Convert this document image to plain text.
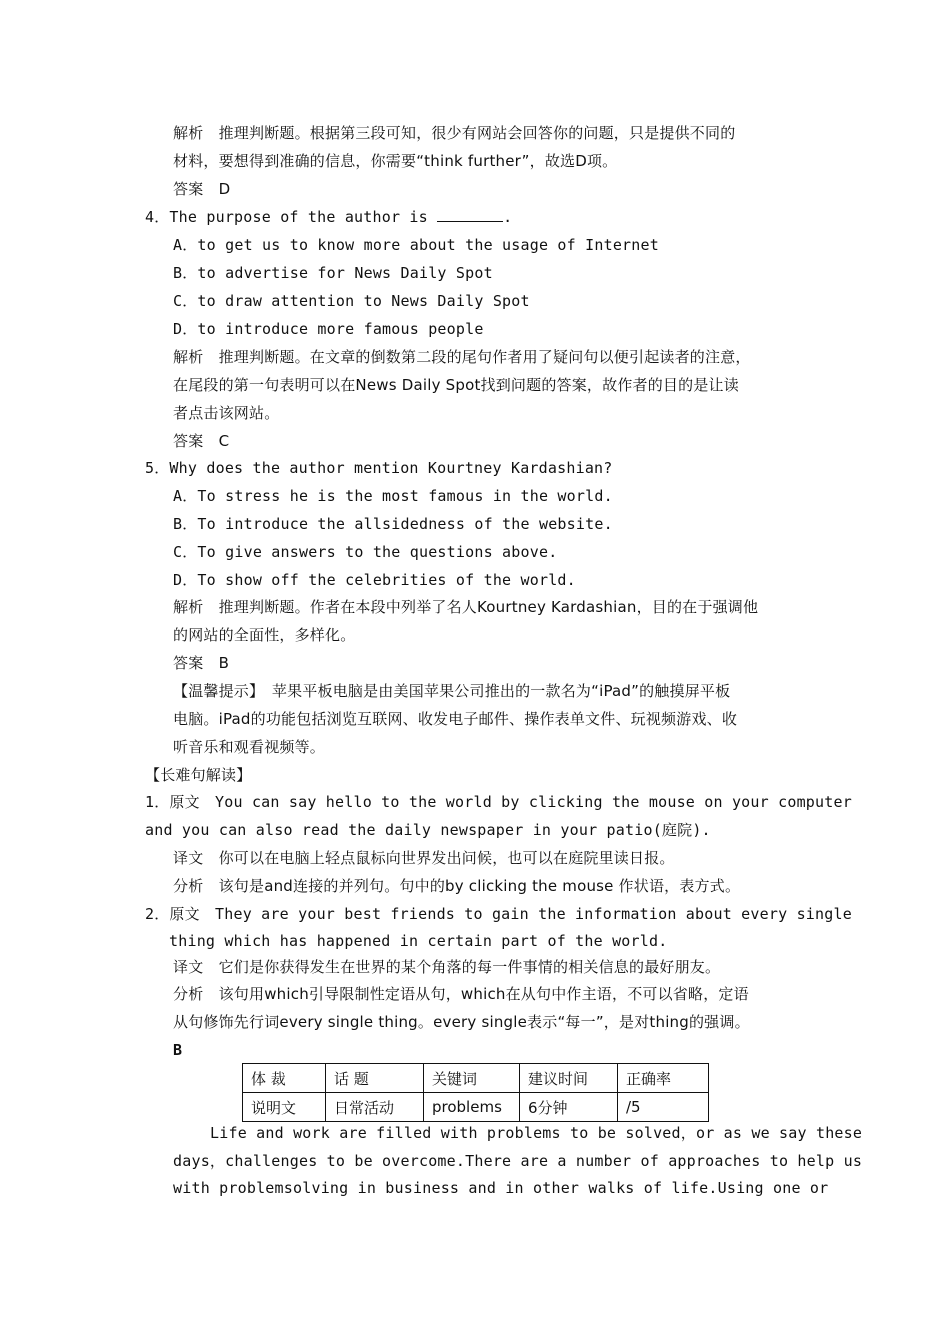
解析　推理判断题。根据第三段可知，很少有网站会回答你的问题，只是提供不同的
材料，要想得到准确的信息，你需要“think further”，故选D项。
答案　D
4．The purpose of the author is	.
A．to get us to know more about the usage of Internet
B．to advertise for News Daily Spot
C．to draw attention to News Daily Spot
D．to introduce more famous people
解析　推理判断题。在文章的倒数第二段的尾句作者用了疑问句以便引起读者的注意，
在尾段的第一句表明可以在News Daily Spot找到问题的答案，故作者的目的是让读
者点击该网站。
答案　C
5．Why does the author mention Kourtney Kardashian?
A．To stress he is the most famous in the world.
B．To introduce the allsidedness of the website.
C．To give answers to the questions above.
D．To show off the celebrities of the world.
解析　推理判断题。作者在本段中列举了名人Kourtney Kardashian，目的在于强调他
的网站的全面性，多样化。
答案　B
【温馨提示】　苹果平板电脑是由美国苹果公司推出的一款名为“iPad”的触摸屏平板
电脑。iPad的功能包括浏览互联网、收发电子邮件、操作表单文件、玩视频游戏、收
听音乐和观看视频等。
【长难句解读】
1．原文　You can say hello to the world by clicking the mouse on your computer
and you can also read the daily newspaper in your patio(庭院).
译文　你可以在电脑上轻点鼠标向世界发出问候，也可以在庭院里读日报。
分析　该句是and连接的并列句。句中的by clicking the mouse 作状语，表方式。
2．原文　They are your best friends to gain the information about every single
thing which has happened in certain part of the world.
译文　它们是你获得发生在世界的某个角落的每一件事情的相关信息的最好朋友。
分析　该句用which引导限制性定语从句，which在从句中作主语，不可以省略，定语
从句修饰先行词every single thing。every single表示“每一”，是对thing的强调。
B
体 裁	话 题	关键词	建议时间	正确率
说明文	日常活动	problems	6分钟	/5
Life and work are filled with problems to be solved，or as we say these
days，challenges to be overcome.There are a number of approaches to help us
with problemsolving in business and in other walks of life.Using one or
